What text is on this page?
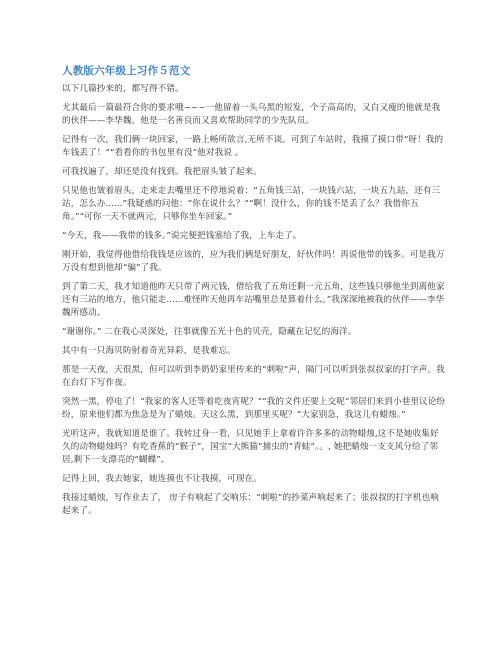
人教版六年级上习作５范文

以下几篇抄来的，都写得不错。

尤其最后一篇最符合你的要求哦~~~一他留着一头乌黑的短发，个子高高的，又白又瘦的他就是我的伙伴——李华魏。他是一名善良而又喜欢帮助同学的少先队员。

记得有一次，我们俩一块回家，一路上畅所欲言,无所不谈。可到了车站时，我摸了摸口带“呀！我的车钱丢了！”“看看你的书包里有没”他对我说 。

可我找遍了，却还是没有找到。我把眉头皱了起来。

只见他也皱着眉头，走来走去嘴里还不停地说着：“五角钱三站，一块钱六站，一块五九站，还有三站，怎么办......”我疑惑的问他：“你在说什么？”“啊！没什么，你的钱不是丢了么？我借你五角。”“可你一天不就两元，只够你坐车回家。”

“今天，我——我带的钱多。”说完便把钱塞给了我，上车走了。

刚开始，我觉得他借给我钱是应该的，应为我们俩是好朋友，好伙伴吗！再说他带的钱多。可是我万万没有想到他却“骗”了我。

到了第二天，我才知道他昨天只带了两元钱，借给我了五角还剩一元五角，这些钱只够他坐到离他家还有三站的地方，他只能走......难怪昨天他再车站嘴里总是算着什么。”我深深地被我的伙伴——李华魏所感动。

“谢谢你。” 二在我心灵深处，往事就像五光十色的贝壳，隐藏在记忆的海洋。

其中有一只海贝防射着奇光异彩，是我难忘。

那是一天夜，天很黑，但可以听到李奶奶家里传来的“刺啦”声，隔门可以听到张叔叔家的打字声。我在台灯下写作夜。

突然一黑，停电了！“我家的客人还等着吃夜宵呢？”“我的文件还要上交呢”邻居们来到小巷里议论纷纷，原来他们都为焦急是为了蜡烛。天这么黑，到那里买呢？“大家别急，我这儿有蜡烛。”

光听这声，我就知道是谁了。我转过身一看，只见她手上拿着许许多多的动物蜡烛,这不是她收集好久的动物蜡烛吗？有吃香蕉的“猴子”，国宝“大熊猫”捕虫的“青蛙”。。, 她把蜡烛一支支风分给了邻居,剩下一支漂亮的“蝴蝶”。

记得上回，我去她家，她连摸也不让我摸，可现在。

我接过蜡烛，写作业去了， 房子有响起了交响乐：“刺啦”的抄菜声响起来了；张叔叔的打字机也响起来了。
